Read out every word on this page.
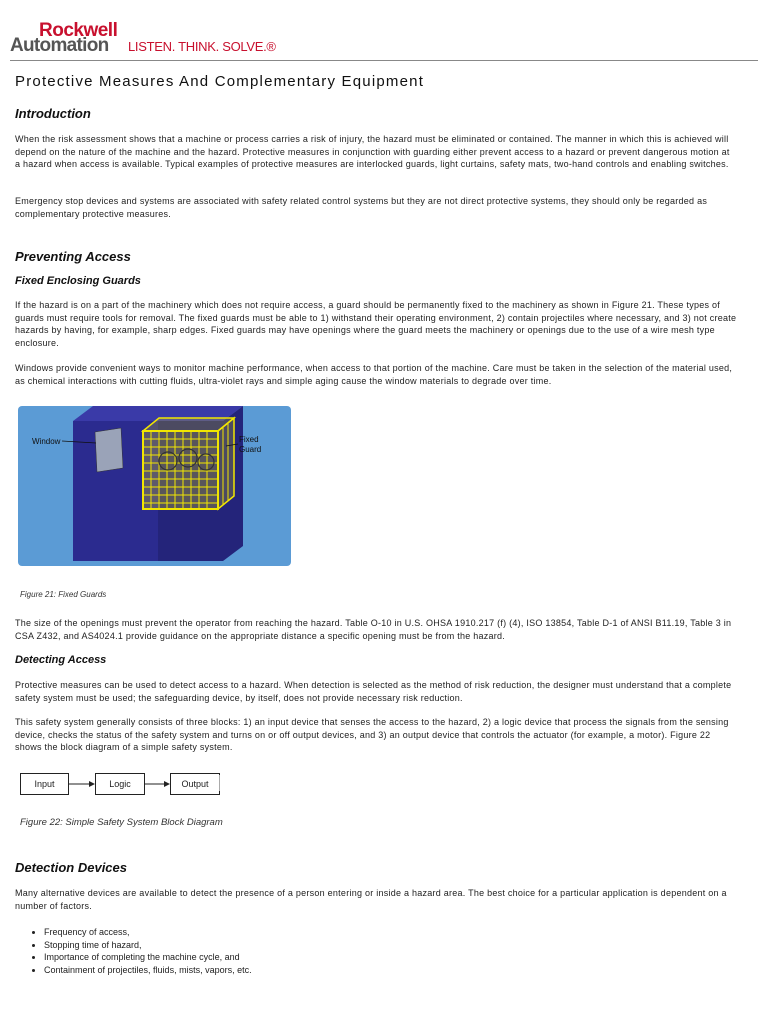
Rockwell
Automation LISTEN. THINK. SOLVE.®
Protective Measures And Complementary Equipment
Introduction

When the risk assessment shows that a machine or process carries a risk of injury, the hazard must be eliminated or contained. The manner in which this is achieved will depend on the nature of the machine and the hazard. Protective measures in conjunction with guarding either prevent access to a hazard or prevent dangerous motion at a hazard when access is available. Typical examples of protective measures are interlocked guards, light curtains, safety mats, two-hand controls and enabling switches.

Emergency stop devices and systems are associated with safety related control systems but they are not direct protective systems, they should only be regarded as complementary protective measures.

Preventing Access
Fixed Enclosing Guards

If the hazard is on a part of the machinery which does not require access, a guard should be permanently fixed to the machinery as shown in Figure 21. These types of guards must require tools for removal. The fixed guards must be able to 1) withstand their operating environment, 2) contain projectiles where necessary, and 3) not create hazards by having, for example, sharp edges. Fixed guards may have openings where the guard meets the machinery or openings due to the use of a wire mesh type enclosure.

Windows provide convenient ways to monitor machine performance, when access to that portion of the machine. Care must be taken in the selection of the material used, as chemical interactions with cutting fluids, ultra-violet rays and simple aging cause the window materials to degrade over time.

Window	Fixed
Guard
Figure 21: Fixed Guards

The size of the openings must prevent the operator from reaching the hazard. Table O-10 in U.S. OHSA 1910.217 (f) (4), ISO 13854, Table D-1 of ANSI B11.19, Table 3 in CSA Z432, and AS4024.1 provide guidance on the appropriate distance a specific opening must be from the hazard.

Detecting Access

Protective measures can be used to detect access to a hazard. When detection is selected as the method of risk reduction, the designer must understand that a complete safety system must be used; the safeguarding device, by itself, does not provide necessary risk reduction.

This safety system generally consists of three blocks: 1) an input device that senses the access to the hazard, 2) a logic device that process the signals from the sensing device, checks the status of the safety system and turns on or off output devices, and 3) an output device that controls the actuator (for example, a motor). Figure 22 shows the block diagram of a simple safety system.

Input	Logic	Output
Figure 22: Simple Safety System Block Diagram
Detection Devices

Many alternative devices are available to detect the presence of a person entering or inside a hazard area. The best choice for a particular application is dependent on a number of factors.

• Frequency of access,
• Stopping time of hazard,
• Importance of completing the machine cycle, and
• Containment of projectiles, fluids, mists, vapors, etc.
